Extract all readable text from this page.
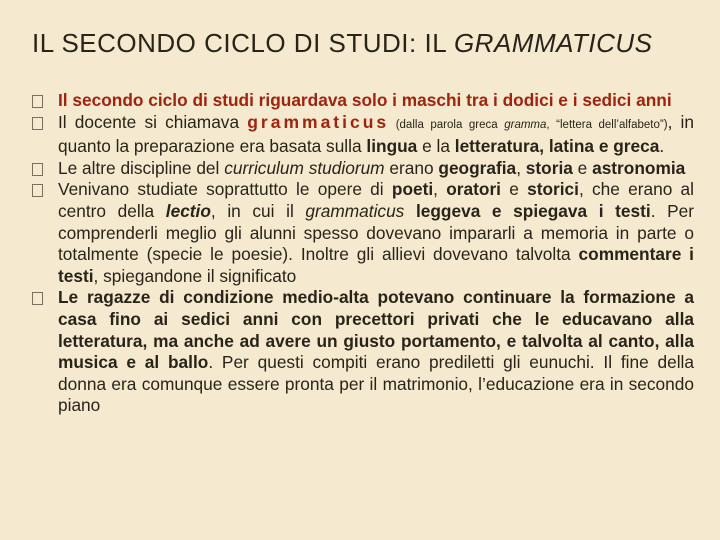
IL SECONDO CICLO DI STUDI: IL GRAMMATICUS
Il secondo ciclo di studi riguardava solo i maschi tra i dodici e i sedici anni
Il docente si chiamava grammaticus (dalla parola greca gramma, “lettera dell’alfabeto”), in quanto la preparazione era basata sulla lingua e la letteratura, latina e greca.
Le altre discipline del curriculum studiorum erano geografia, storia e astronomia
Venivano studiate soprattutto le opere di poeti, oratori e storici, che erano al centro della lectio, in cui il grammaticus leggeva e spiegava i testi. Per comprenderli meglio gli alunni spesso dovevano impararli a memoria in parte o totalmente (specie le poesie). Inoltre gli allievi dovevano talvolta commentare i testi, spiegandone il significato
Le ragazze di condizione medio-alta potevano continuare la formazione a casa fino ai sedici anni con precettori privati che le educavano alla letteratura, ma anche ad avere un giusto portamento, e talvolta al canto, alla musica e al ballo. Per questi compiti erano prediletti gli eunuchi. Il fine della donna era comunque essere pronta per il matrimonio, l’educazione era in secondo piano
